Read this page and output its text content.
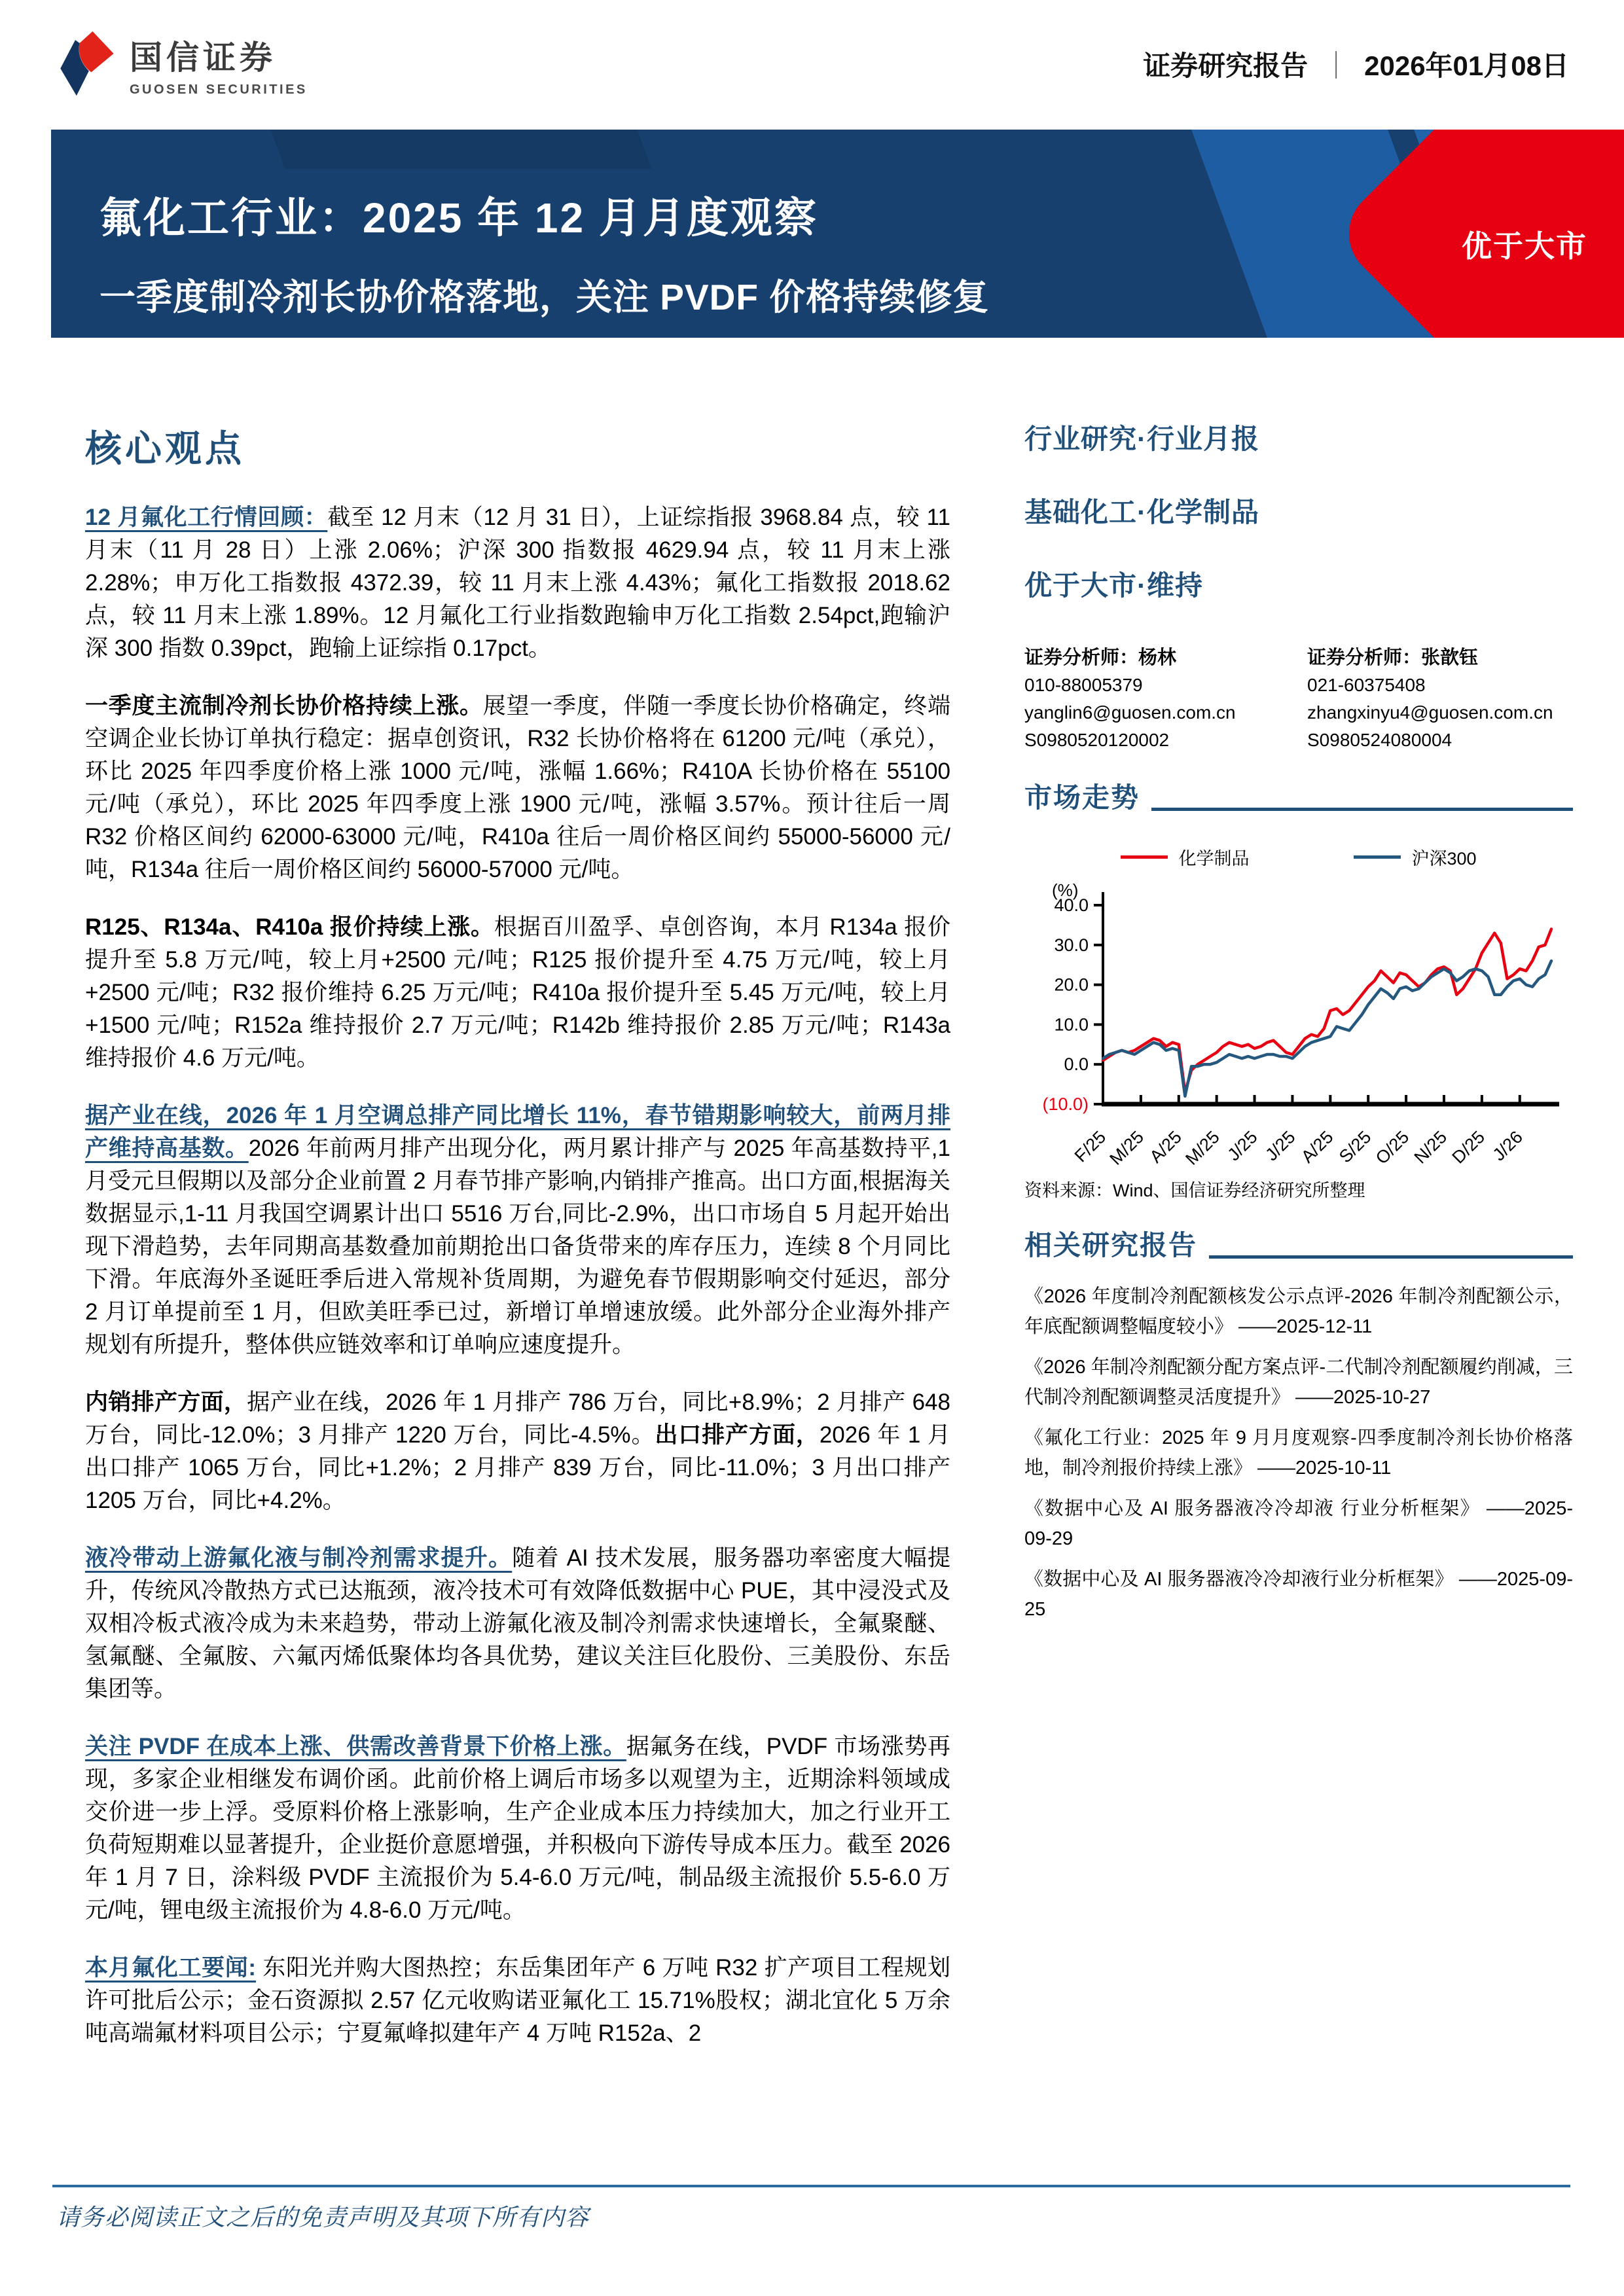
国信证券
GUOSEN SECURITIES
证券研究报告 ｜ 2026年01月08日
氟化工行业：2025 年 12 月月度观察
一季度制冷剂长协价格落地，关注 PVDF 价格持续修复
优于大市
核心观点

12 月氟化工行情回顾：截至 12 月末（12 月 31 日），上证综指报 3968.84 点，较 11 月末（11 月 28 日）上涨 2.06%；沪深 300 指数报 4629.94 点，较 11 月末上涨 2.28%；申万化工指数报 4372.39，较 11 月末上涨 4.43%；氟化工指数报 2018.62 点，较 11 月末上涨 1.89%。12 月氟化工行业指数跑输申万化工指数 2.54pct,跑输沪深 300 指数 0.39pct，跑输上证综指 0.17pct。

一季度主流制冷剂长协价格持续上涨。展望一季度，伴随一季度长协价格确定，终端空调企业长协订单执行稳定：据卓创资讯，R32 长协价格将在 61200 元/吨（承兑），环比 2025 年四季度价格上涨 1000 元/吨，涨幅 1.66%；R410A 长协价格在 55100 元/吨（承兑），环比 2025 年四季度上涨 1900 元/吨，涨幅 3.57%。预计往后一周 R32 价格区间约 62000-63000 元/吨，R410a 往后一周价格区间约 55000-56000 元/吨，R134a 往后一周价格区间约 56000-57000 元/吨。

R125、R134a、R410a 报价持续上涨。根据百川盈孚、卓创咨询，本月 R134a 报价提升至 5.8 万元/吨，较上月+2500 元/吨；R125 报价提升至 4.75 万元/吨，较上月+2500 元/吨；R32 报价维持 6.25 万元/吨；R410a 报价提升至 5.45 万元/吨，较上月+1500 元/吨；R152a 维持报价 2.7 万元/吨；R142b 维持报价 2.85 万元/吨；R143a 维持报价 4.6 万元/吨。

据产业在线，2026 年 1 月空调总排产同比增长 11%，春节错期影响较大，前两月排产维持高基数。2026 年前两月排产出现分化，两月累计排产与 2025 年高基数持平,1 月受元旦假期以及部分企业前置 2 月春节排产影响,内销排产推高。出口方面,根据海关数据显示,1-11 月我国空调累计出口 5516 万台,同比-2.9%，出口市场自 5 月起开始出现下滑趋势，去年同期高基数叠加前期抢出口备货带来的库存压力，连续 8 个月同比下滑。年底海外圣诞旺季后进入常规补货周期，为避免春节假期影响交付延迟，部分 2 月订单提前至 1 月，但欧美旺季已过，新增订单增速放缓。此外部分企业海外排产规划有所提升，整体供应链效率和订单响应速度提升。

内销排产方面，据产业在线，2026 年 1 月排产 786 万台，同比+8.9%；2 月排产 648 万台，同比-12.0%；3 月排产 1220 万台，同比-4.5%。出口排产方面，2026 年 1 月出口排产 1065 万台，同比+1.2%；2 月排产 839 万台，同比-11.0%；3 月出口排产 1205 万台，同比+4.2%。

液冷带动上游氟化液与制冷剂需求提升。随着 AI 技术发展，服务器功率密度大幅提升，传统风冷散热方式已达瓶颈，液冷技术可有效降低数据中心 PUE，其中浸没式及双相冷板式液冷成为未来趋势，带动上游氟化液及制冷剂需求快速增长，全氟聚醚、氢氟醚、全氟胺、六氟丙烯低聚体均各具优势，建议关注巨化股份、三美股份、东岳集团等。

关注 PVDF 在成本上涨、供需改善背景下价格上涨。据氟务在线，PVDF 市场涨势再现，多家企业相继发布调价函。此前价格上调后市场多以观望为主，近期涂料领域成交价进一步上浮。受原料价格上涨影响，生产企业成本压力持续加大，加之行业开工负荷短期难以显著提升，企业挺价意愿增强，并积极向下游传导成本压力。截至 2026 年 1 月 7 日，涂料级 PVDF 主流报价为 5.4-6.0 万元/吨，制品级主流报价 5.5-6.0 万元/吨，锂电级主流报价为 4.8-6.0 万元/吨。

本月氟化工要闻: 东阳光并购大图热控；东岳集团年产 6 万吨 R32 扩产项目工程规划许可批后公示；金石资源拟 2.57 亿元收购诺亚氟化工 15.71%股权；湖北宜化 5 万余吨高端氟材料项目公示；宁夏氟峰拟建年产 4 万吨 R152a、2

行业研究·行业月报
基础化工·化学制品
优于大市·维持
证券分析师：杨林
010-88005379
yanglin6@guosen.com.cn
S0980520120002
证券分析师：张歆钰
021-60375408
zhangxinyu4@guosen.com.cn
S0980524080004
市场走势
化学制品	沪深300
(%)
40.0
30.0
20.0
10.0
0.0
(10.0)
F/25
M/25
A/25
M/25 J/25 J/25
A/25
S/25
O/25
N/25
D/25 J/26
资料来源：Wind、国信证券经济研究所整理
相关研究报告
《2026 年度制冷剂配额核发公示点评-2026 年制冷剂配额公示，年底配额调整幅度较小》 ——2025-12-11
《2026 年制冷剂配额分配方案点评-二代制冷剂配额履约削减，三代制冷剂配额调整灵活度提升》 ——2025-10-27
《氟化工行业：2025 年 9 月月度观察-四季度制冷剂长协价格落地，制冷剂报价持续上涨》 ——2025-10-11
《数据中心及 AI 服务器液冷冷却液 行业分析框架》 ——2025-09-29
《数据中心及 AI 服务器液冷冷却液行业分析框架》 ——2025-09-25
请务必阅读正文之后的免责声明及其项下所有内容
